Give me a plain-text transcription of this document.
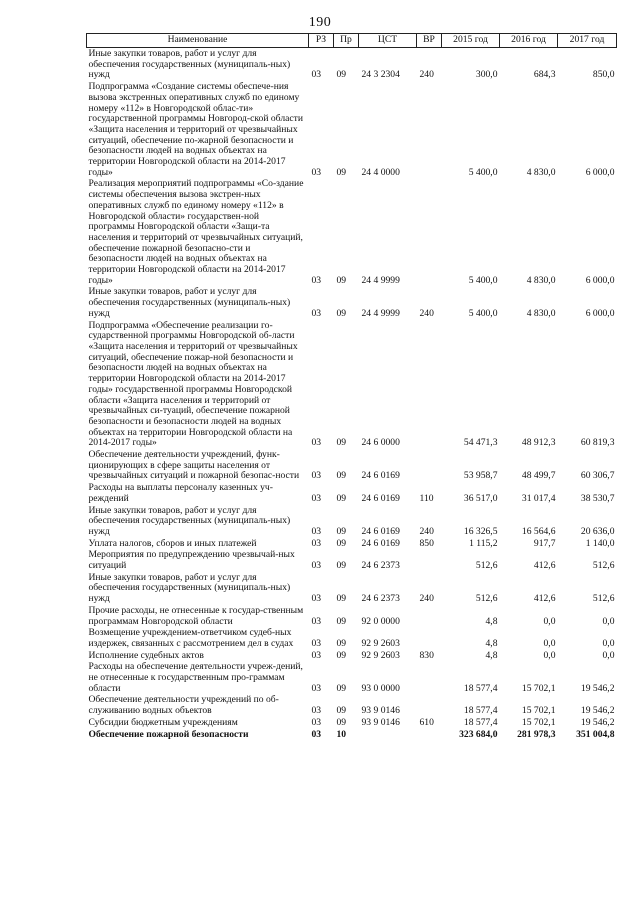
190
Наименование	РЗ	Пр	ЦСТ	ВР	2015 год	2016 год	2017 год
Иные закупки товаров, работ и услуг для обеспечения государственных (муниципаль-ных) нужд	03	09	24 3 2304	240	300,0	684,3	850,0
Подпрограмма «Создание системы обеспече-ния вызова экстренных оперативных служб по единому номеру «112» в Новгородской облас-ти» государственной программы Новгород-ской области «Защита населения и территорий от чрезвычайных ситуаций, обеспечение по-жарной безопасности и безопасности людей на водных объектах на территории Новгородской области на 2014-2017 годы»	03	09	24 4 0000		5 400,0	4 830,0	6 000,0
Реализация мероприятий подпрограммы «Со-здание системы обеспечения вызова экстрен-ных оперативных служб по единому номеру «112» в Новгородской области» государствен-ной программы Новгородской области «Защи-та населения и территорий от чрезвычайных ситуаций, обеспечение пожарной безопасно-сти и безопасности людей на водных объектах на территории Новгородской области на 2014-2017 годы»	03	09	24 4 9999		5 400,0	4 830,0	6 000,0
Иные закупки товаров, работ и услуг для обеспечения государственных (муниципаль-ных) нужд	03	09	24 4 9999	240	5 400,0	4 830,0	6 000,0
Подпрограмма «Обеспечение реализации го-сударственной программы Новгородской об-ласти «Защита населения и территорий от чрезвычайных ситуаций, обеспечение пожар-ной безопасности и безопасности людей на водных объектах на территории Новгородской области на 2014-2017 годы» государственной программы Новгородской области «Защита населения и территорий от чрезвычайных си-туаций, обеспечение пожарной безопасности и безопасности людей на водных объектах на территории Новгородской области на 2014-2017 годы»	03	09	24 6 0000		54 471,3	48 912,3	60 819,3
Обеспечение деятельности учреждений, функ-ционирующих в сфере защиты населения от чрезвычайных ситуаций и пожарной безопас-ности	03	09	24 6 0169		53 958,7	48 499,7	60 306,7
Расходы на выплаты персоналу казенных уч-реждений	03	09	24 6 0169	110	36 517,0	31 017,4	38 530,7
Иные закупки товаров, работ и услуг для обеспечения государственных (муниципаль-ных) нужд	03	09	24 6 0169	240	16 326,5	16 564,6	20 636,0
Уплата налогов, сборов и иных платежей	03	09	24 6 0169	850	1 115,2	917,7	1 140,0
Мероприятия по предупреждению чрезвычай-ных ситуаций	03	09	24 6 2373		512,6	412,6	512,6
Иные закупки товаров, работ и услуг для обеспечения государственных (муниципаль-ных) нужд	03	09	24 6 2373	240	512,6	412,6	512,6
Прочие расходы, не отнесенные к государ-ственным программам Новгородской области	03	09	92 0 0000		4,8	0,0	0,0
Возмещение учреждением-ответчиком судеб-ных издержек, связанных с рассмотрением дел в судах	03	09	92 9 2603		4,8	0,0	0,0
Исполнение судебных актов	03	09	92 9 2603	830	4,8	0,0	0,0
Расходы на обеспечение деятельности учреж-дений, не отнесенные к государственным про-граммам области	03	09	93 0 0000		18 577,4	15 702,1	19 546,2
Обеспечение деятельности учреждений по об-служиванию водных объектов	03	09	93 9 0146		18 577,4	15 702,1	19 546,2
Субсидии бюджетным учреждениям	03	09	93 9 0146	610	18 577,4	15 702,1	19 546,2
Обеспечение пожарной безопасности	03	10			323 684,0	281 978,3	351 004,8
